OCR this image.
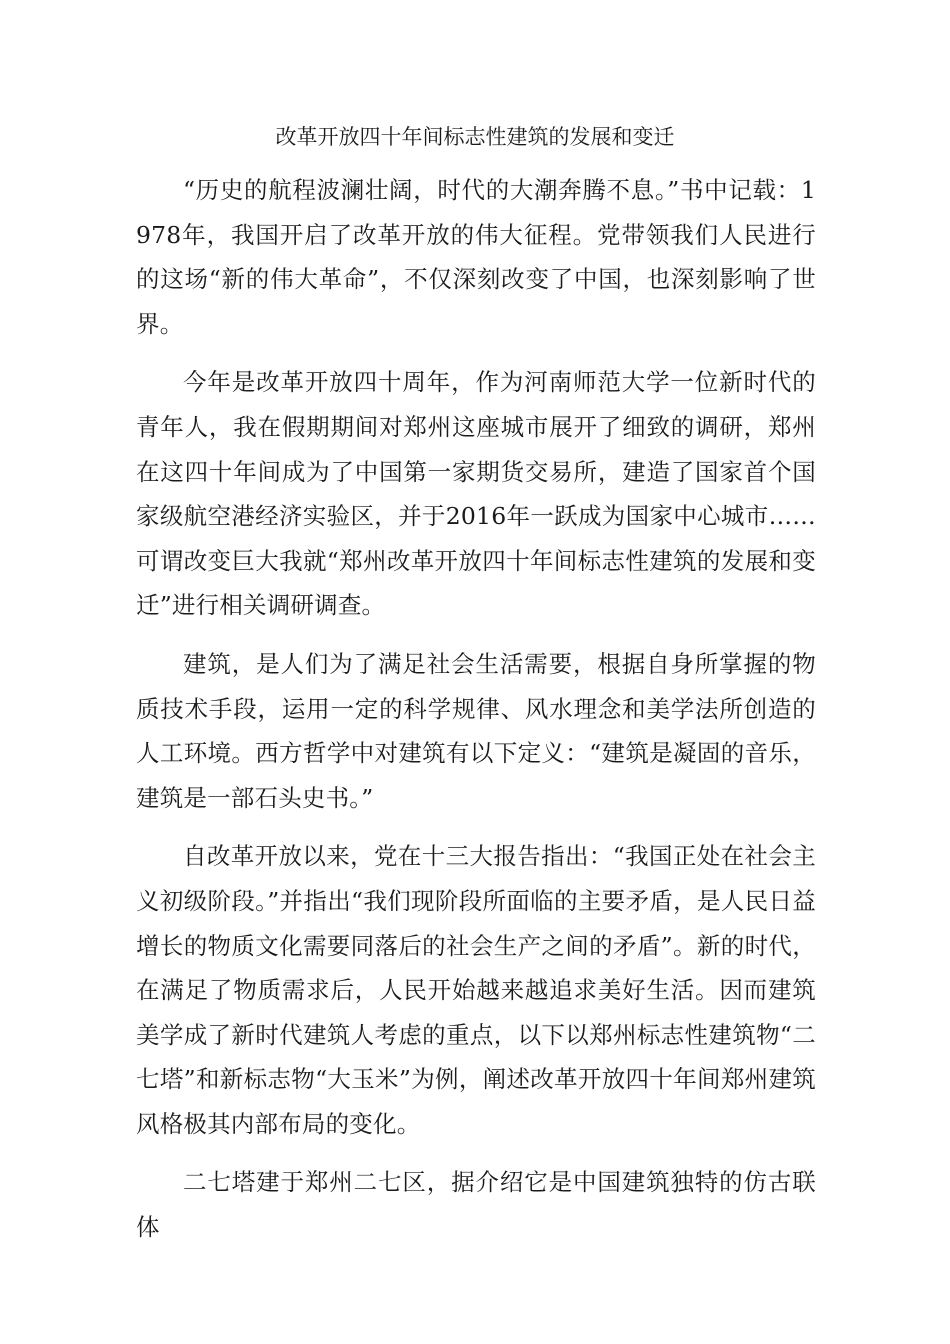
改革开放四十年间标志性建筑的发展和变迁

“历史的航程波澜壮阔，时代的大潮奔腾不息。”书中记载：1978年，我国开启了改革开放的伟大征程。党带领我们人民进行的这场“新的伟大革命”，不仅深刻改变了中国，也深刻影响了世界。

今年是改革开放四十周年，作为河南师范大学一位新时代的青年人，我在假期期间对郑州这座城市展开了细致的调研，郑州在这四十年间成为了中国第一家期货交易所，建造了国家首个国家级航空港经济实验区，并于2016年一跃成为国家中心城市……可谓改变巨大我就“郑州改革开放四十年间标志性建筑的发展和变迁”进行相关调研调查。

建筑，是人们为了满足社会生活需要，根据自身所掌握的物质技术手段，运用一定的科学规律、风水理念和美学法所创造的人工环境。西方哲学中对建筑有以下定义：“建筑是凝固的音乐，建筑是一部石头史书。”

自改革开放以来，党在十三大报告指出：“我国正处在社会主义初级阶段。”并指出“我们现阶段所面临的主要矛盾，是人民日益增长的物质文化需要同落后的社会生产之间的矛盾”。新的时代，在满足了物质需求后，人民开始越来越追求美好生活。因而建筑美学成了新时代建筑人考虑的重点，以下以郑州标志性建筑物“二七塔”和新标志物“大玉米”为例，阐述改革开放四十年间郑州建筑风格极其内部布局的变化。

二七塔建于郑州二七区，据介绍它是中国建筑独特的仿古联体
